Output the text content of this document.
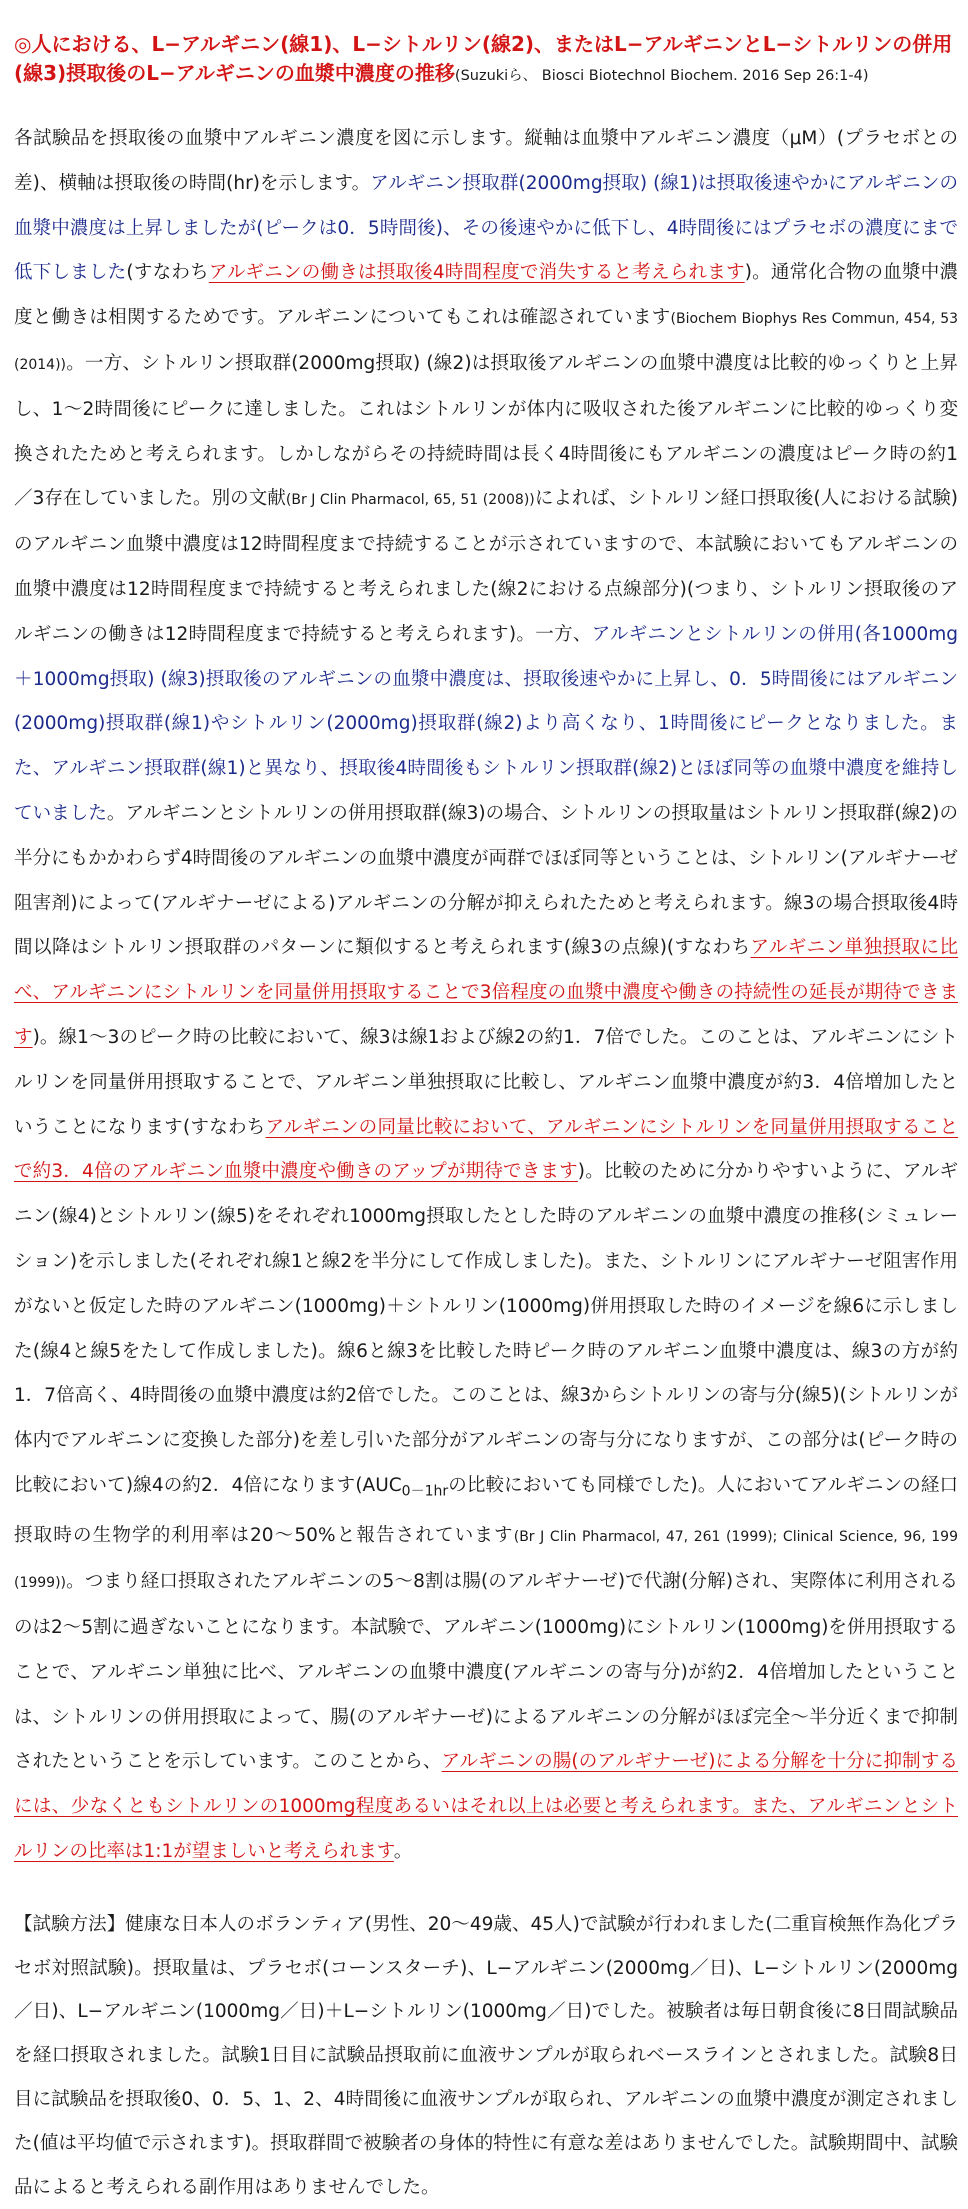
◎人における、L−アルギニン(線1)、L−シトルリン(線2)、またはL−アルギニンとL−シトルリンの併用(線3)摂取後のL−アルギニンの血漿中濃度の推移(Suzukiら、 Biosci Biotechnol Biochem. 2016 Sep 26:1-4)

各試験品を摂取後の血漿中アルギニン濃度を図に示します。縦軸は血漿中アルギニン濃度（μM）(プラセボとの差)、横軸は摂取後の時間(hr)を示します。アルギニン摂取群(2000mg摂取) (線1)は摂取後速やかにアルギニンの血漿中濃度は上昇しましたが(ピークは0．5時間後)、その後速やかに低下し、4時間後にはプラセボの濃度にまで低下しました(すなわちアルギニンの働きは摂取後4時間程度で消失すると考えられます)。通常化合物の血漿中濃度と働きは相関するためです。アルギニンについてもこれは確認されています(Biochem Biophys Res Commun, 454, 53 (2014))。一方、シトルリン摂取群(2000mg摂取) (線2)は摂取後アルギニンの血漿中濃度は比較的ゆっくりと上昇し、1～2時間後にピークに達しました。これはシトルリンが体内に吸収された後アルギニンに比較的ゆっくり変換されたためと考えられます。しかしながらその持続時間は長く4時間後にもアルギニンの濃度はピーク時の約1／3存在していました。別の文献(Br J Clin Pharmacol, 65, 51 (2008))によれば、シトルリン経口摂取後(人における試験)のアルギニン血漿中濃度は12時間程度まで持続することが示されていますので、本試験においてもアルギニンの血漿中濃度は12時間程度まで持続すると考えられました(線2における点線部分)(つまり、シトルリン摂取後のアルギニンの働きは12時間程度まで持続すると考えられます)。一方、アルギニンとシトルリンの併用(各1000mg＋1000mg摂取) (線3)摂取後のアルギニンの血漿中濃度は、摂取後速やかに上昇し、0．5時間後にはアルギニン(2000mg)摂取群(線1)やシトルリン(2000mg)摂取群(線2)より高くなり、1時間後にピークとなりました。また、アルギニン摂取群(線1)と異なり、摂取後4時間後もシトルリン摂取群(線2)とほぼ同等の血漿中濃度を維持していました。アルギニンとシトルリンの併用摂取群(線3)の場合、シトルリンの摂取量はシトルリン摂取群(線2)の半分にもかかわらず4時間後のアルギニンの血漿中濃度が両群でほぼ同等ということは、シトルリン(アルギナーゼ阻害剤)によって(アルギナーゼによる)アルギニンの分解が抑えられたためと考えられます。線3の場合摂取後4時間以降はシトルリン摂取群のパターンに類似すると考えられます(線3の点線)(すなわちアルギニン単独摂取に比べ、アルギニンにシトルリンを同量併用摂取することで3倍程度の血漿中濃度や働きの持続性の延長が期待できます)。線1～3のピーク時の比較において、線3は線1および線2の約1．7倍でした。このことは、アルギニンにシトルリンを同量併用摂取することで、アルギニン単独摂取に比較し、アルギニン血漿中濃度が約3．4倍増加したということになります(すなわちアルギニンの同量比較において、アルギニンにシトルリンを同量併用摂取することで約3．4倍のアルギニン血漿中濃度や働きのアップが期待できます)。比較のために分かりやすいように、アルギニン(線4)とシトルリン(線5)をそれぞれ1000mg摂取したとした時のアルギニンの血漿中濃度の推移(シミュレーション)を示しました(それぞれ線1と線2を半分にして作成しました)。また、シトルリンにアルギナーゼ阻害作用がないと仮定した時のアルギニン(1000mg)＋シトルリン(1000mg)併用摂取した時のイメージを線6に示しました(線4と線5をたして作成しました)。線6と線3を比較した時ピーク時のアルギニン血漿中濃度は、線3の方が約1．7倍高く、4時間後の血漿中濃度は約2倍でした。このことは、線3からシトルリンの寄与分(線5)(シトルリンが体内でアルギニンに変換した部分)を差し引いた部分がアルギニンの寄与分になりますが、この部分は(ピーク時の比較において)線4の約2．4倍になります($AUC_{0-1hr}$の比較においても同様でした)。人においてアルギニンの経口摂取時の生物学的利用率は20～50%と報告されています(Br J Clin Pharmacol, 47, 261 (1999); Clinical Science, 96, 199 (1999))。つまり経口摂取されたアルギニンの5～8割は腸(のアルギナーゼ)で代謝(分解)され、実際体に利用されるのは2～5割に過ぎないことになります。本試験で、アルギニン(1000mg)にシトルリン(1000mg)を併用摂取することで、アルギニン単独に比べ、アルギニンの血漿中濃度(アルギニンの寄与分)が約2．4倍増加したということは、シトルリンの併用摂取によって、腸(のアルギナーゼ)によるアルギニンの分解がほぼ完全～半分近くまで抑制されたということを示しています。このことから、アルギニンの腸(のアルギナーゼ)による分解を十分に抑制するには、少なくともシトルリンの1000mg程度あるいはそれ以上は必要と考えられます。また、アルギニンとシトルリンの比率は1:1が望ましいと考えられます。

【試験方法】健康な日本人のボランティア(男性、20～49歳、45人)で試験が行われました(二重盲検無作為化プラセボ対照試験)。摂取量は、プラセボ(コーンスターチ)、L−アルギニン(2000mg／日)、L−シトルリン(2000mg／日)、L−アルギニン(1000mg／日)＋L−シトルリン(1000mg／日)でした。被験者は毎日朝食後に8日間試験品を経口摂取されました。試験1日目に試験品摂取前に血液サンプルが取られベースラインとされました。試験8日目に試験品を摂取後0、0．5、1、2、4時間後に血液サンプルが取られ、アルギニンの血漿中濃度が測定されました(値は平均値で示されます)。摂取群間で被験者の身体的特性に有意な差はありませんでした。試験期間中、試験品によると考えられる副作用はありませんでした。
